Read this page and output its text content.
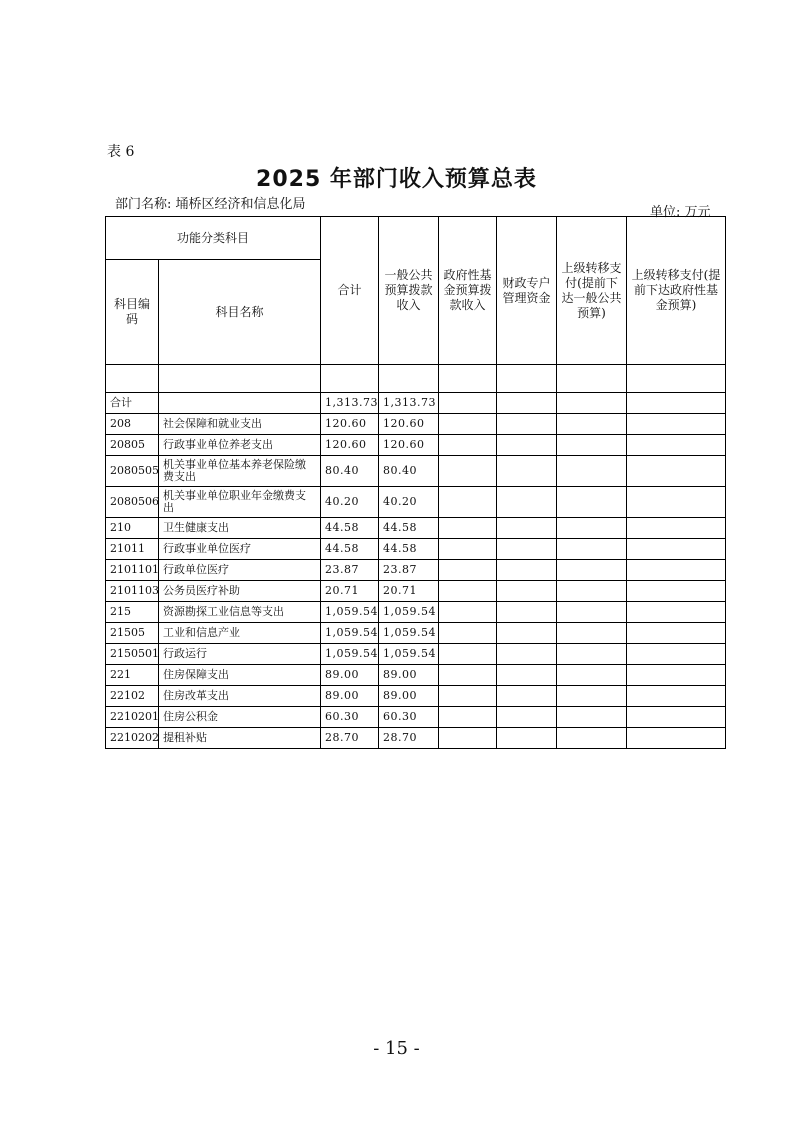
表 6
2025 年部门收入预算总表
部门名称: 埇桥区经济和信息化局
单位: 万元
功能分类科目		合计	一般公共预算拨款收入	政府性基金预算拨款收入	财政专户管理资金	上级转移支付(提前下达一般公共预算)	上级转移支付(提前下达政府性基金预算)
科目编码	科目名称						

合计		1,313.73	1,313.73				
208	社会保障和就业支出	120.60	120.60				
20805	行政事业单位养老支出	120.60	120.60				
2080505	机关事业单位基本养老保险缴费支出	80.40	80.40				
2080506	机关事业单位职业年金缴费支出	40.20	40.20				
210	卫生健康支出	44.58	44.58				
21011	行政事业单位医疗	44.58	44.58				
2101101	行政单位医疗	23.87	23.87				
2101103	公务员医疗补助	20.71	20.71				
215	资源勘探工业信息等支出	1,059.54	1,059.54				
21505	工业和信息产业	1,059.54	1,059.54				
2150501	行政运行	1,059.54	1,059.54				
221	住房保障支出	89.00	89.00				
22102	住房改革支出	89.00	89.00				
2210201	住房公积金	60.30	60.30				
2210202	提租补贴	28.70	28.70				
- 15 -
